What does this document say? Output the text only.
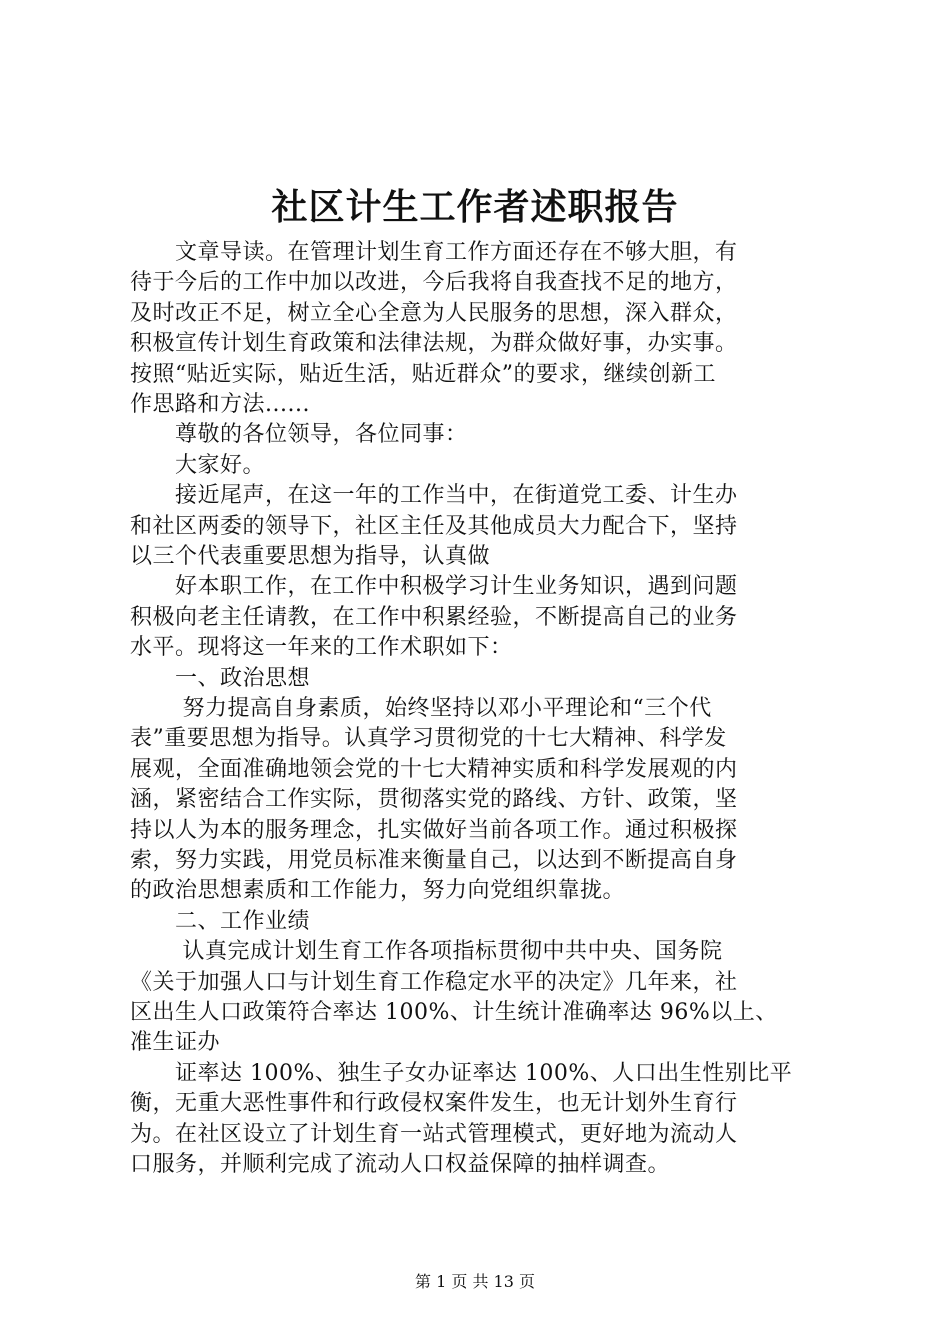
社区计生工作者述职报告
　　文章导读。在管理计划生育工作方面还存在不够大胆，有
待于今后的工作中加以改进，今后我将自我查找不足的地方，
及时改正不足，树立全心全意为人民服务的思想，深入群众，
积极宣传计划生育政策和法律法规，为群众做好事，办实事。
按照“贴近实际，贴近生活，贴近群众”的要求，继续创新工
作思路和方法......
　　尊敬的各位领导，各位同事：
　　大家好。
　　接近尾声，在这一年的工作当中，在街道党工委、计生办
和社区两委的领导下，社区主任及其他成员大力配合下，坚持
以三个代表重要思想为指导，认真做
　　好本职工作，在工作中积极学习计生业务知识，遇到问题
积极向老主任请教，在工作中积累经验，不断提高自己的业务
水平。现将这一年来的工作术职如下：
　　一、政治思想
　　 努力提高自身素质，始终坚持以邓小平理论和“三个代
表”重要思想为指导。认真学习贯彻党的十七大精神、科学发
展观，全面准确地领会党的十七大精神实质和科学发展观的内
涵，紧密结合工作实际，贯彻落实党的路线、方针、政策，坚
持以人为本的服务理念，扎实做好当前各项工作。通过积极探
索，努力实践，用党员标准来衡量自己，以达到不断提高自身
的政治思想素质和工作能力，努力向党组织靠拢。
　　二、工作业绩
　　 认真完成计划生育工作各项指标贯彻中共中央、国务院
《关于加强人口与计划生育工作稳定水平的决定》几年来，社
区出生人口政策符合率达 100%、计生统计准确率达 96%以上、
准生证办
　　证率达 100%、独生子女办证率达 100%、人口出生性别比平
衡，无重大恶性事件和行政侵权案件发生，也无计划外生育行
为。在社区设立了计划生育一站式管理模式，更好地为流动人
口服务，并顺利完成了流动人口权益保障的抽样调查。
第 1 页 共 13 页
